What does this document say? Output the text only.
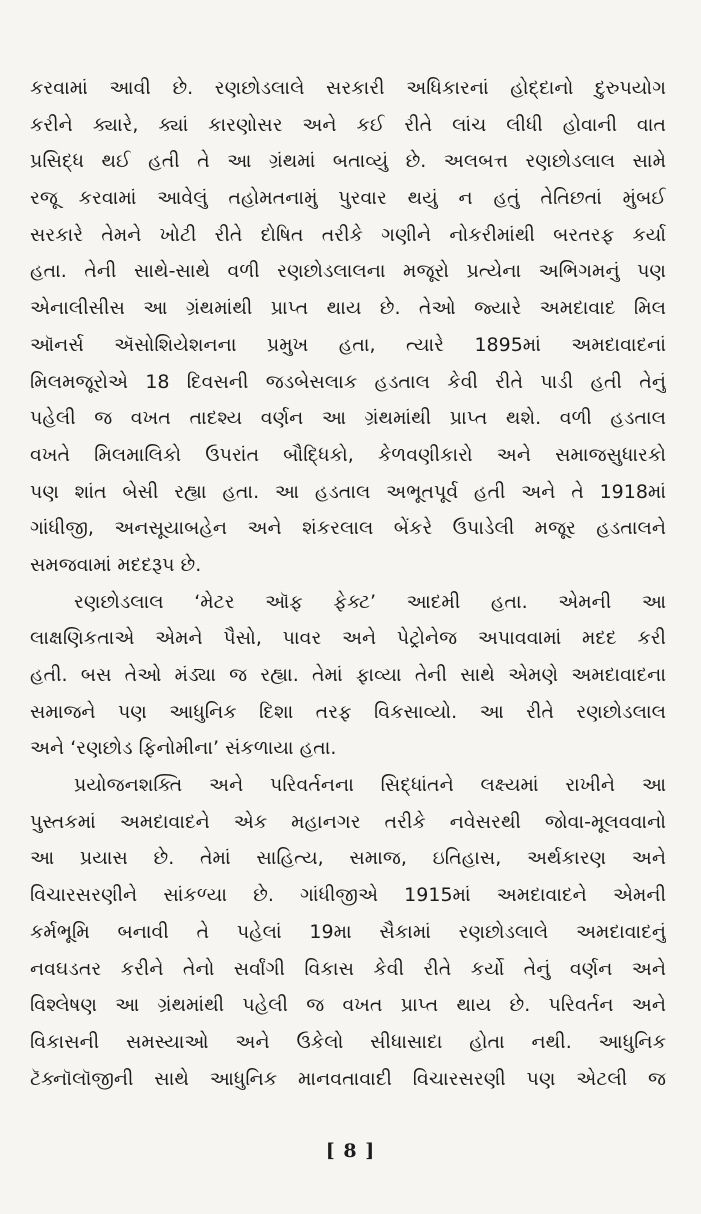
કરવામાં આવી છે. રણછોડલાલે સરકારી અધિકારનાં હોદ્દાનો દુરુપયોગ
કરીને ક્યારે, ક્યાં કારણોસર અને કઈ રીતે લાંચ લીધી હોવાની વાત
પ્રસિદ્ધ થઈ હતી તે આ ગ્રંથમાં બતાવ્યું છે. અલબત્ત રણછોડલાલ સામે
રજૂ કરવામાં આવેલું તહોમતનામું પુરવાર થયું ન હતું તેતિછતાં મુંબઈ
સરકારે તેમને ખોટી રીતે દોષિત તરીકે ગણીને નોકરીમાંથી બરતરફ કર્યા
હતા. તેની સાથે-સાથે વળી રણછોડલાલના મજૂરો પ્રત્યેના અભિગમનું પણ
એનાલીસીસ આ ગ્રંથમાંથી પ્રાપ્ત થાય છે. તેઓ જ્યારે અમદાવાદ મિલ
ઑનર્સ ઍસોશિયેશનના પ્રમુખ હતા, ત્યારે 1895માં અમદાવાદનાં
મિલમજૂરોએ 18 દિવસની જડબેસલાક હડતાલ કેવી રીતે પાડી હતી તેનું
પહેલી જ વખત તાદશ્ય વર્ણન આ ગ્રંથમાંથી પ્રાપ્ત થશે. વળી હડતાલ
વખતે મિલમાલિકો ઉપરાંત બૌદ્ધિકો, કેળવણીકારો અને સમાજસુધારકો
પણ શાંત બેસી રહ્યા હતા. આ હડતાલ અભૂતપૂર્વ હતી અને તે 1918માં
ગાંધીજી, અનસૂયાબહેન અને શંકરલાલ બેંકરે ઉપાડેલી મજૂર હડતાલને
સમજવામાં મદદરૂપ છે.
રણછોડલાલ ‘મેટર ઑફ ફેક્ટ’ આદમી હતા. એમની આ
લાક્ષણિકતાએ એમને પૈસો, પાવર અને પેટ્રોનેજ અપાવવામાં મદદ કરી
હતી. બસ તેઓ મંડ્યા જ રહ્યા. તેમાં ફાવ્યા તેની સાથે એમણે અમદાવાદના
સમાજને પણ આધુનિક દિશા તરફ વિકસાવ્યો. આ રીતે રણછોડલાલ
અને ‘રણછોડ ફિનોમીના’ સંકળાયા હતા.
પ્રયોજનશક્તિ અને પરિવર્તનના સિદ્ધાંતને લક્ષ્યમાં રાખીને આ
પુસ્તકમાં અમદાવાદને એક મહાનગર તરીકે નવેસરથી જોવા-મૂલવવાનો
આ પ્રયાસ છે. તેમાં સાહિત્ય, સમાજ, ઇતિહાસ, અર્થકારણ અને
વિચારસરણીને સાંકળ્યા છે. ગાંધીજીએ 1915માં અમદાવાદને એમની
કર્મભૂમિ બનાવી તે પહેલાં 19મા સૈકામાં રણછોડલાલે અમદાવાદનું
નવઘડતર કરીને તેનો સર્વાંગી વિકાસ કેવી રીતે કર્યો તેનું વર્ણન અને
વિશ્લેષણ આ ગ્રંથમાંથી પહેલી જ વખત પ્રાપ્ત થાય છે. પરિવર્તન અને
વિકાસની સમસ્યાઓ અને ઉકેલો સીધાસાદા હોતા નથી. આધુનિક
ટૅક્નૉલૉજીની સાથે આધુનિક માનવતાવાદી વિચારસરણી પણ એટલી જ
[ 8 ]
